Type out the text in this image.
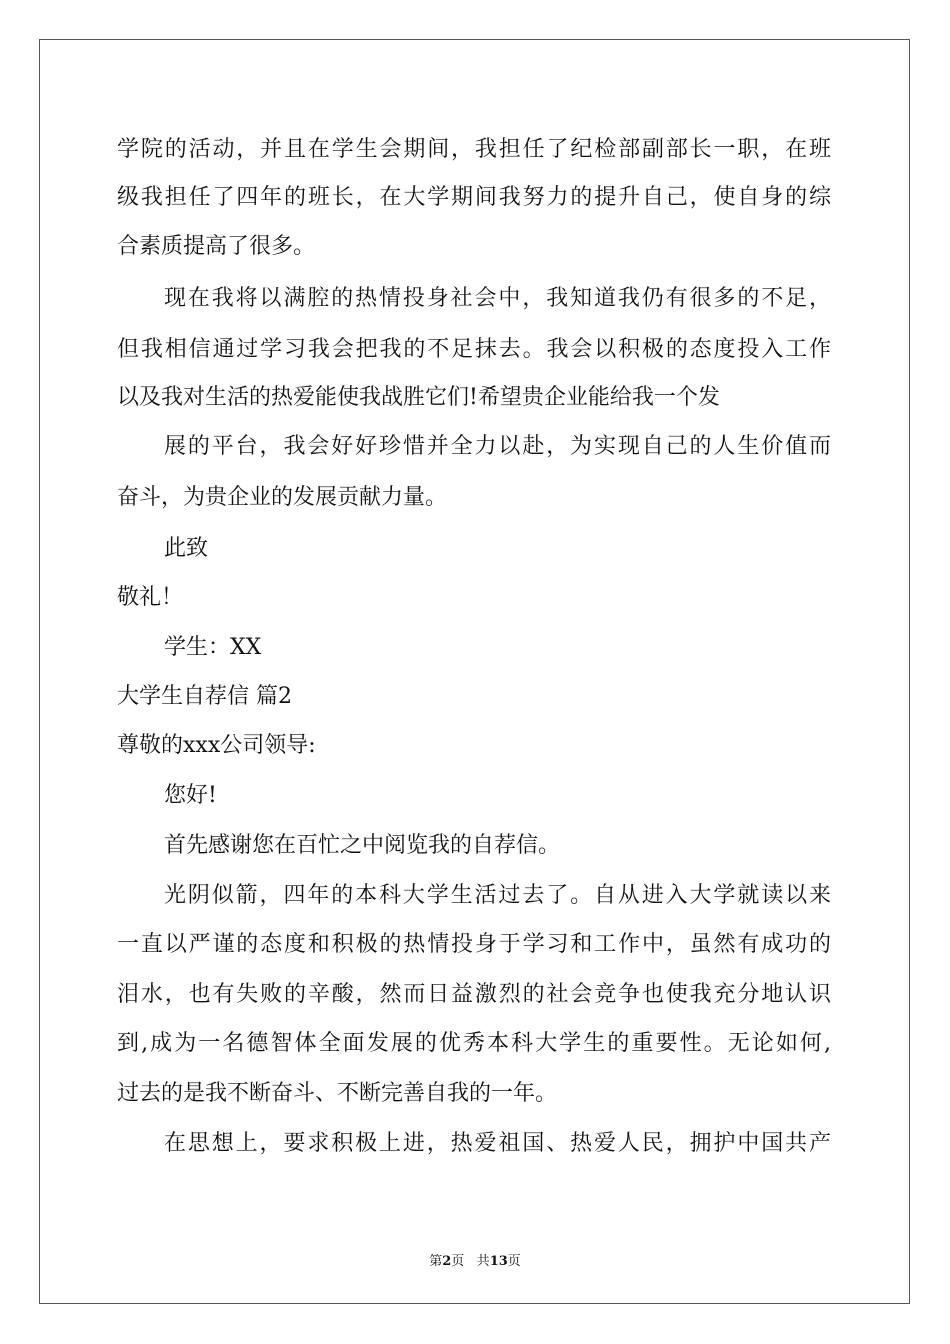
学院的活动，并且在学生会期间，我担任了纪检部副部长一职，在班
级我担任了四年的班长，在大学期间我努力的提升自己，使自身的综
合素质提高了很多。
现在我将以满腔的热情投身社会中，我知道我仍有很多的不足，
但我相信通过学习我会把我的不足抹去。我会以积极的态度投入工作
以及我对生活的热爱能使我战胜它们!希望贵企业能给我一个发
展的平台，我会好好珍惜并全力以赴，为实现自己的人生价值而
奋斗，为贵企业的发展贡献力量。
此致
敬礼！
学生：XX
大学生自荐信 篇2
尊敬的xxx公司领导:
您好!
首先感谢您在百忙之中阅览我的自荐信。
光阴似箭，四年的本科大学生活过去了。自从进入大学就读以来
一直以严谨的态度和积极的热情投身于学习和工作中，虽然有成功的
泪水，也有失败的辛酸，然而日益激烈的社会竞争也使我充分地认识
到,成为一名德智体全面发展的优秀本科大学生的重要性。无论如何,
过去的是我不断奋斗、不断完善自我的一年。
在思想上，要求积极上进，热爱祖国、热爱人民，拥护中国共产
第2页 共13页
